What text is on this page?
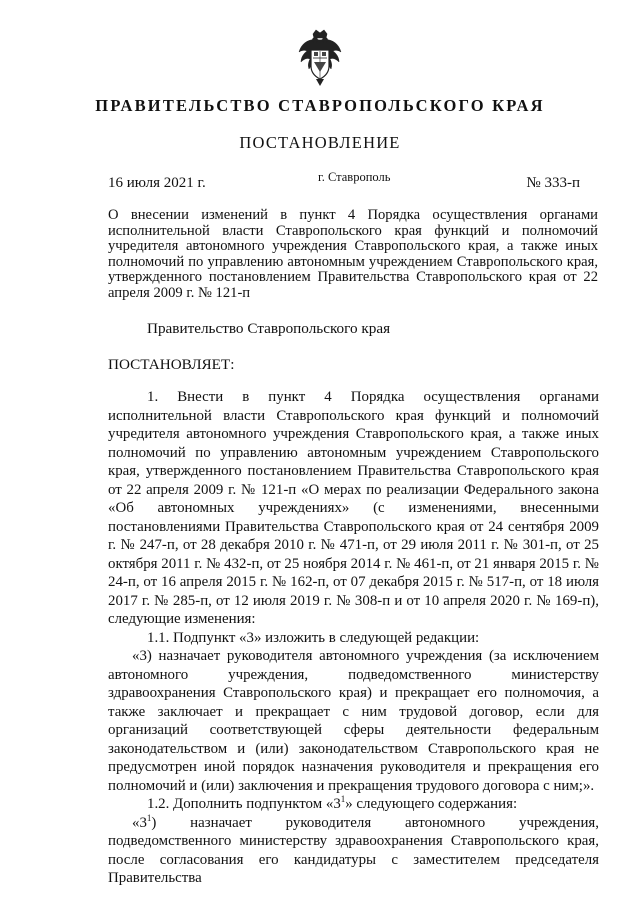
ПРАВИТЕЛЬСТВО СТАВРОПОЛЬСКОГО КРАЯ
ПОСТАНОВЛЕНИЕ
16 июля 2021 г.	г. Ставрополь	№ 333-п
О внесении изменений в пункт 4 Порядка осуществления органами исполнительной власти Ставропольского края функций и полномочий учредителя автономного учреждения Ставропольского края, а также иных полномочий по управлению автономным учреждением Ставропольского края, утвержденного постановлением Правительства Ставропольского края от 22 апреля 2009 г. № 121-п
Правительство Ставропольского края
ПОСТАНОВЛЯЕТ:

1. Внести в пункт 4 Порядка осуществления органами исполнительной власти Ставропольского края функций и полномочий учредителя автономного учреждения Ставропольского края, а также иных полномочий по управлению автономным учреждением Ставропольского края, утвержденного постановлением Правительства Ставропольского края от 22 апреля 2009 г. № 121-п «О мерах по реализации Федерального закона «Об автономных учреждениях» (с изменениями, внесенными постановлениями Правительства Ставропольского края от 24 сентября 2009 г. № 247-п, от 28 декабря 2010 г. № 471-п, от 29 июля 2011 г. № 301-п, от 25 октября 2011 г. № 432-п, от 25 ноября 2014 г. № 461-п, от 21 января 2015 г. № 24-п, от 16 апреля 2015 г. № 162-п, от 07 декабря 2015 г. № 517-п, от 18 июля 2017 г. № 285-п, от 12 июля 2019 г. № 308-п и от 10 апреля 2020 г. № 169-п), следующие изменения:

1.1. Подпункт «3» изложить в следующей редакции:

«3) назначает руководителя автономного учреждения (за исключением автономного учреждения, подведомственного министерству здравоохранения Ставропольского края) и прекращает его полномочия, а также заключает и прекращает с ним трудовой договор, если для организаций соответствующей сферы деятельности федеральным законодательством и (или) законодательством Ставропольского края не предусмотрен иной порядок назначения руководителя и прекращения его полномочий и (или) заключения и прекращения трудового договора с ним;».

1.2. Дополнить подпунктом «$3^1$» следующего содержания:

«$3^1$) назначает руководителя автономного учреждения, подведомственного министерству здравоохранения Ставропольского края, после согласования его кандидатуры с заместителем председателя Правительства
